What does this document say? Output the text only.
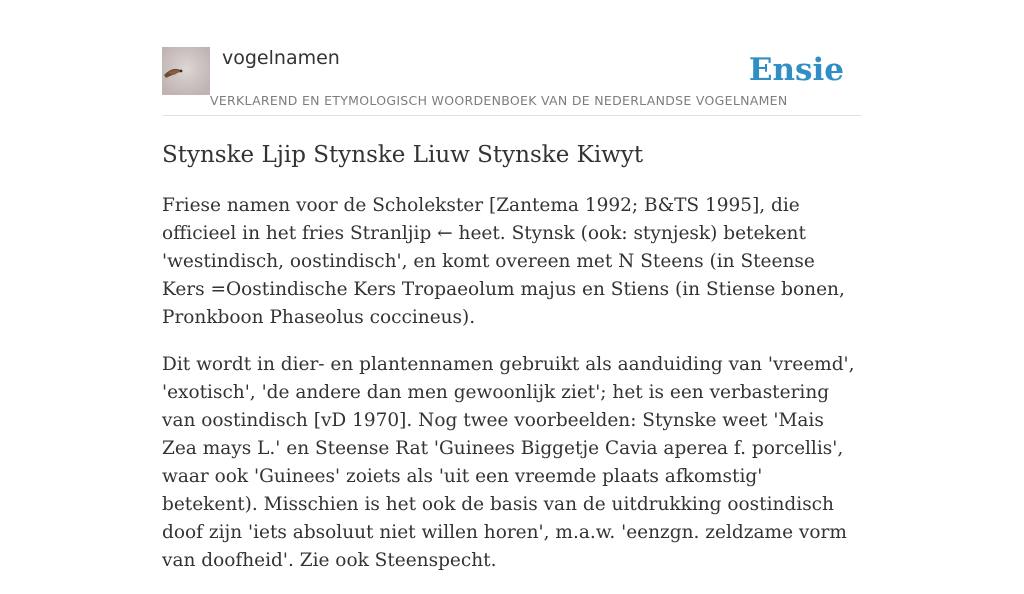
vogelnamen
VERKLAREND EN ETYMOLOGISCH WOORDENBOEK VAN DE NEDERLANDSE VOGELNAMEN
Ensie
Stynske Ljip Stynske Liuw Stynske Kiwyt

Friese namen voor de Scholekster [Zantema 1992; B&TS 1995], die officieel in het fries Stranljip ← heet. Stynsk (ook: stynjesk) betekent 'westindisch, oostindisch', en komt overeen met N Steens (in Steense Kers =Oostindische Kers Tropaeolum majus en Stiens (in Stiense bonen, Pronkboon Phaseolus coccineus).

Dit wordt in dier- en plantennamen gebruikt als aanduiding van 'vreemd', 'exotisch', 'de andere dan men gewoonlijk ziet'; het is een verbastering van oostindisch [vD 1970]. Nog twee voorbeelden: Stynske weet 'Mais Zea mays L.' en Steense Rat 'Guinees Biggetje Cavia aperea f. porcellis', waar ook 'Guinees' zoiets als 'uit een vreemde plaats afkomstig' betekent). Misschien is het ook de basis van de uitdrukking oostindisch doof zijn 'iets absoluut niet willen horen', m.a.w. 'eenzgn. zeldzame vorm van doofheid'. Zie ook Steenspecht.
